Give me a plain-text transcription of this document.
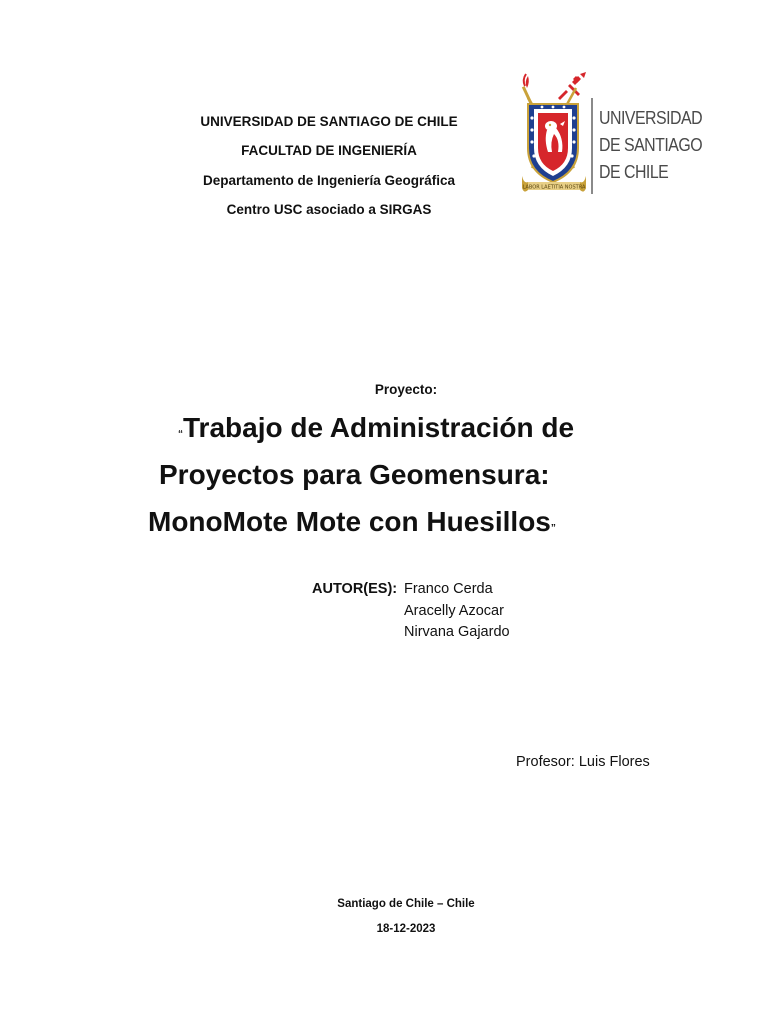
UNIVERSIDAD DE SANTIAGO DE CHILE
FACULTAD DE INGENIERÍA
Departamento de Ingeniería Geográfica
Centro USC asociado a SIRGAS
LABOR LAETITIA NOSTRA
UNIVERSIDAD
DE SANTIAGO
DE CHILE
Proyecto:
“Trabajo de Administración de
Proyectos para Geomensura:
MonoMote Mote con Huesillos”
AUTOR(ES): Franco Cerda
Aracelly Azocar
Nirvana Gajardo
Profesor: Luis Flores
Santiago de Chile – Chile
18-12-2023
